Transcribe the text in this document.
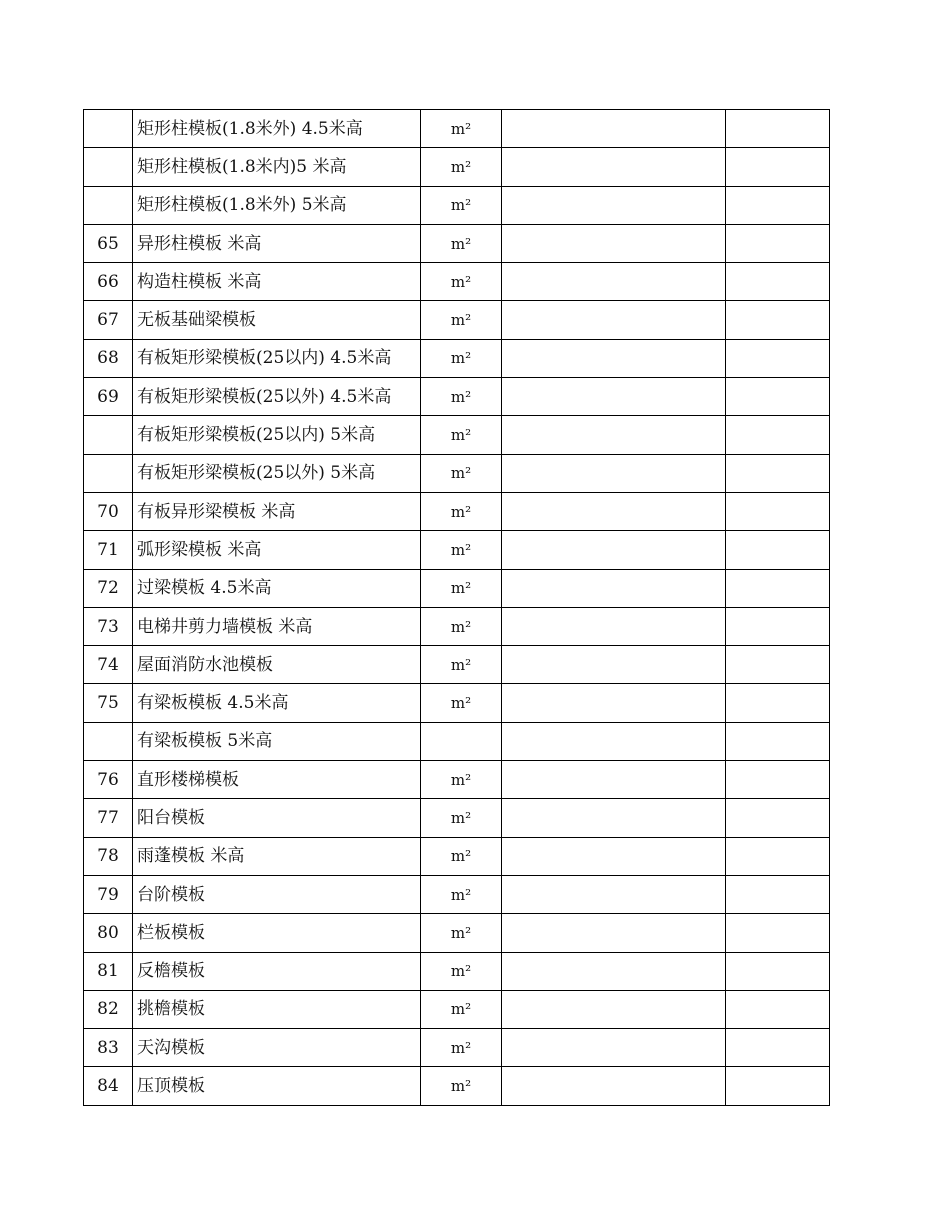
	矩形柱模板(1.8米外) 4.5米高	m²		
	矩形柱模板(1.8米内)5 米高	m²		
	矩形柱模板(1.8米外) 5米高	m²		
65	异形柱模板 米高	m²		
66	构造柱模板 米高	m²		
67	无板基础梁模板	m²		
68	有板矩形梁模板(25以内) 4.5米高	m²		
69	有板矩形梁模板(25以外) 4.5米高	m²		
	有板矩形梁模板(25以内) 5米高	m²		
	有板矩形梁模板(25以外) 5米高	m²		
70	有板异形梁模板 米高	m²		
71	弧形梁模板 米高	m²		
72	过梁模板 4.5米高	m²		
73	电梯井剪力墙模板 米高	m²		
74	屋面消防水池模板	m²		
75	有梁板模板 4.5米高	m²		
	有梁板模板 5米高			
76	直形楼梯模板	m²		
77	阳台模板	m²		
78	雨蓬模板 米高	m²		
79	台阶模板	m²		
80	栏板模板	m²		
81	反檐模板	m²		
82	挑檐模板	m²		
83	天沟模板	m²		
84	压顶模板	m²		
